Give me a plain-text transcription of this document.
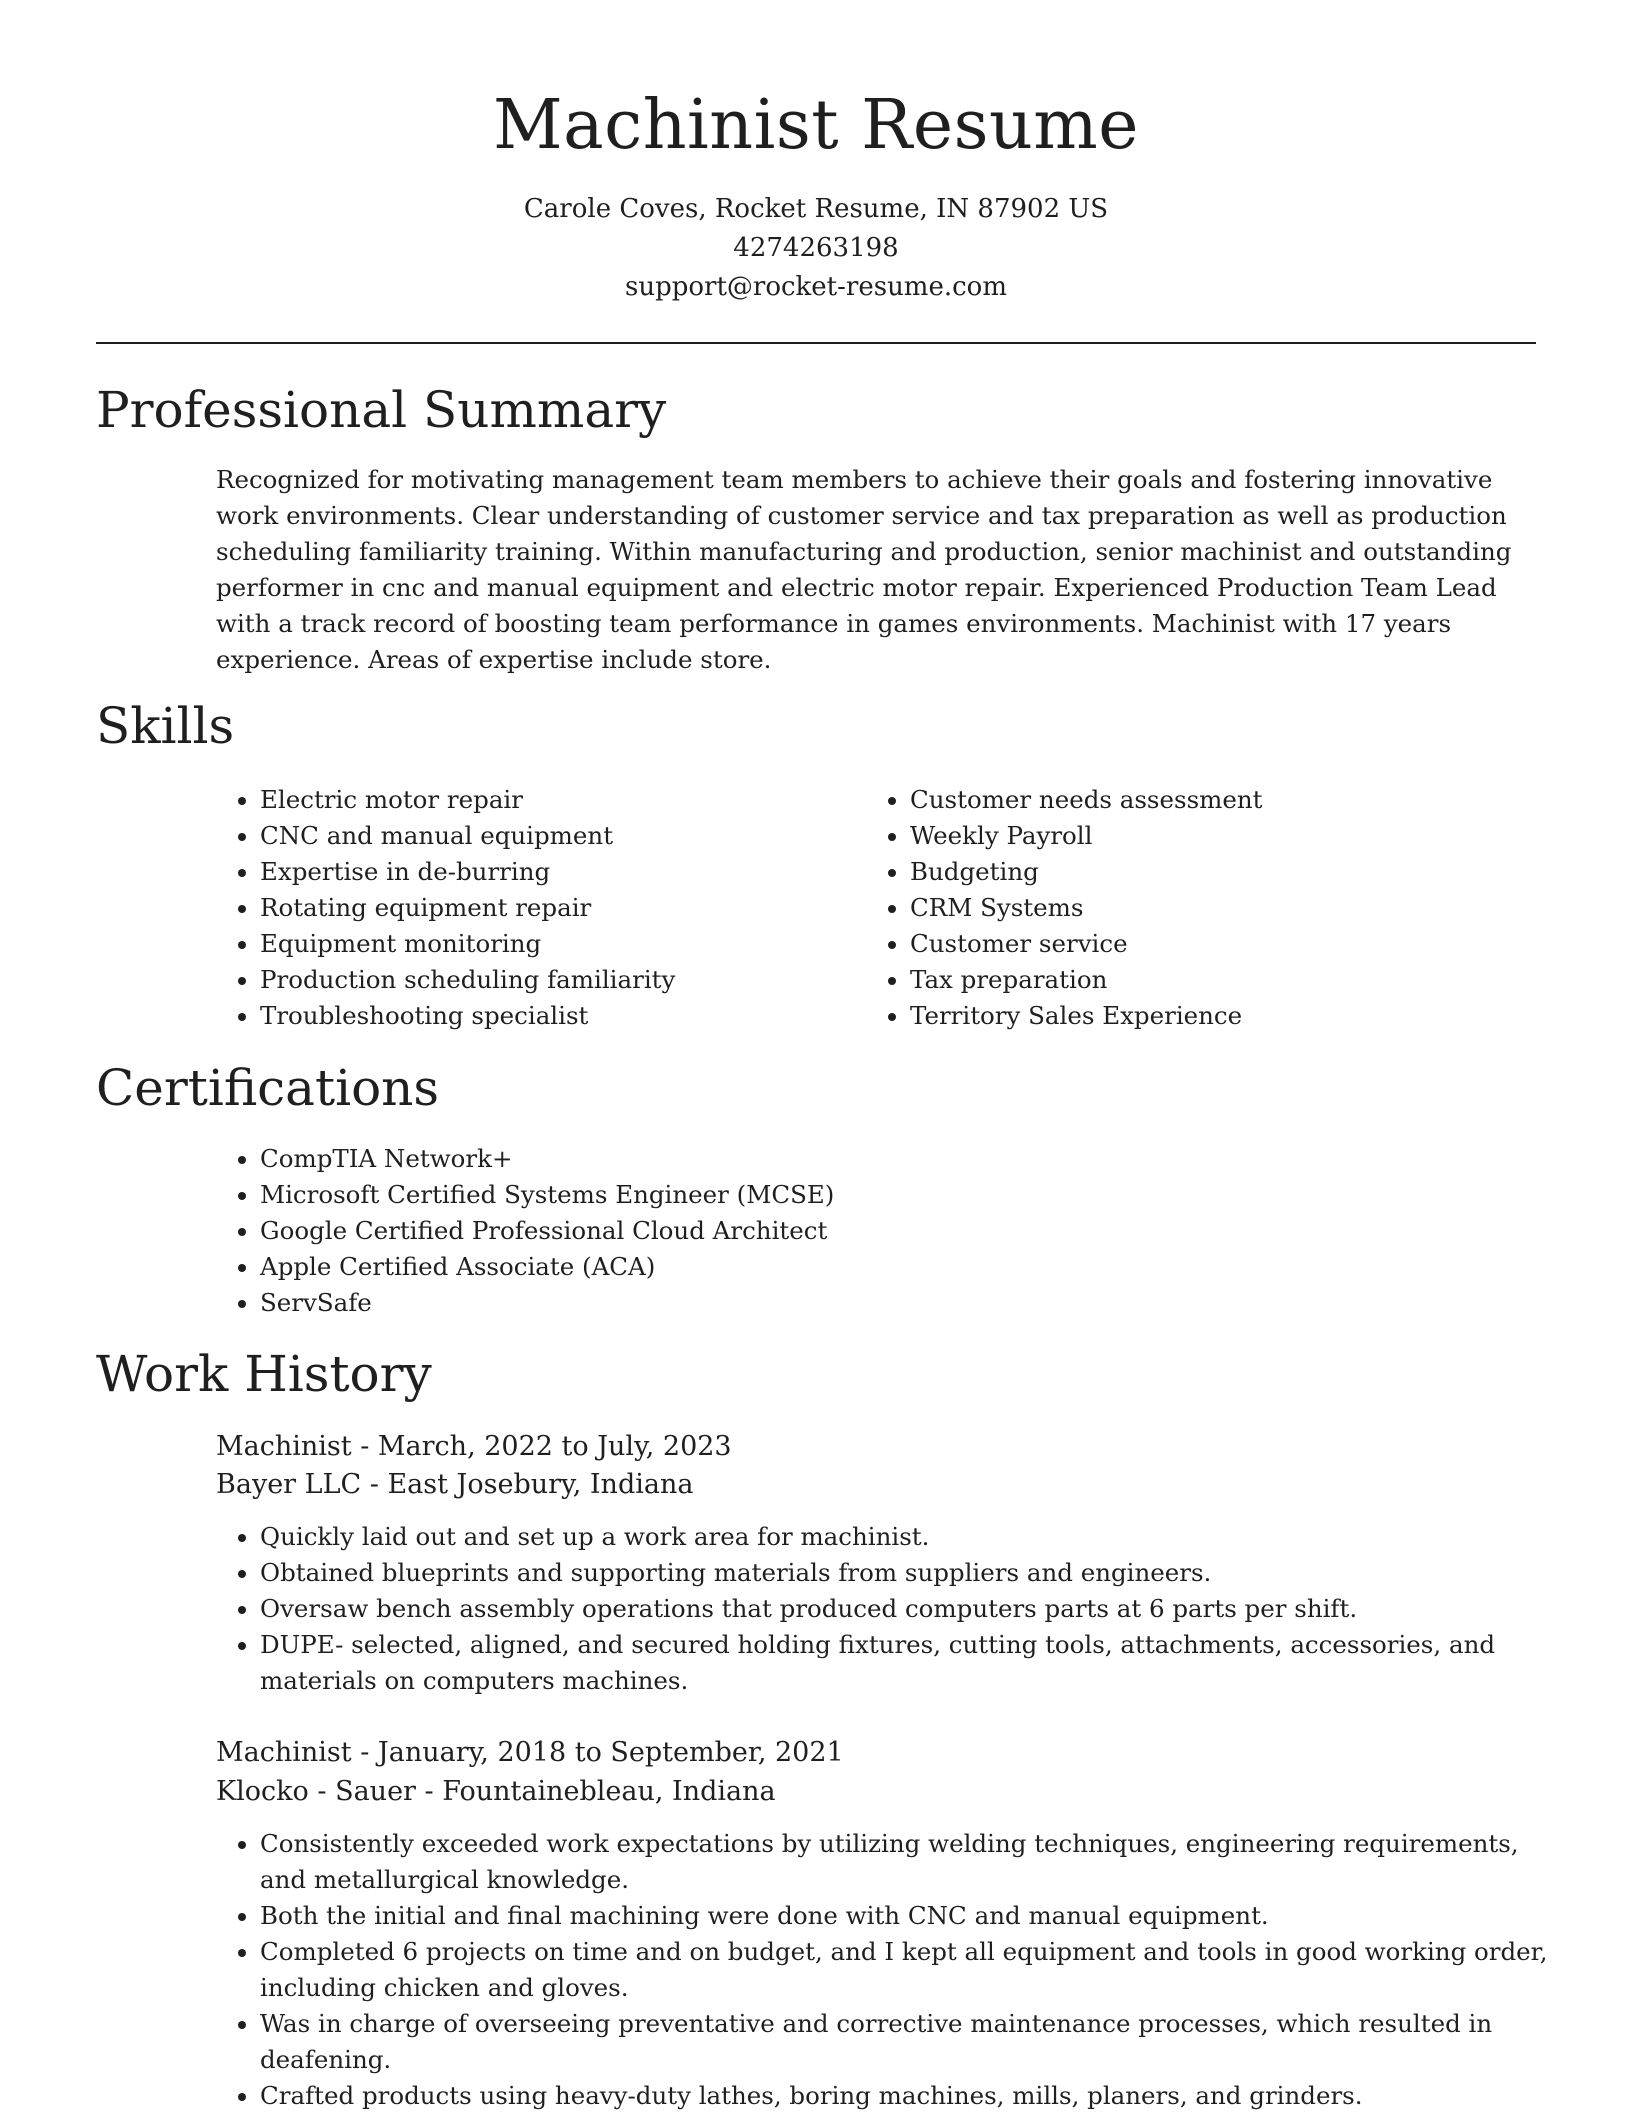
Machinist Resume
Carole Coves, Rocket Resume, IN 87902 US
4274263198
support@rocket-resume.com
Professional Summary

Recognized for motivating management team members to achieve their goals and fostering innovative work environments. Clear understanding of customer service and tax preparation as well as production scheduling familiarity training. Within manufacturing and production, senior machinist and outstanding performer in cnc and manual equipment and electric motor repair. Experienced Production Team Lead with a track record of boosting team performance in games environments. Machinist with 17 years experience. Areas of expertise include store.

Skills
• Electric motor repair
• CNC and manual equipment
• Expertise in de-burring
• Rotating equipment repair
• Equipment monitoring
• Production scheduling familiarity
• Troubleshooting specialist
• Customer needs assessment
• Weekly Payroll
• Budgeting
• CRM Systems
• Customer service
• Tax preparation
• Territory Sales Experience
Certifications
• CompTIA Network+
• Microsoft Certified Systems Engineer (MCSE)
• Google Certified Professional Cloud Architect
• Apple Certified Associate (ACA)
• ServSafe
Work History
Machinist - March, 2022 to July, 2023
Bayer LLC - East Josebury, Indiana
• Quickly laid out and set up a work area for machinist.
• Obtained blueprints and supporting materials from suppliers and engineers.
• Oversaw bench assembly operations that produced computers parts at 6 parts per shift.
• DUPE- selected, aligned, and secured holding fixtures, cutting tools, attachments, accessories, and materials on computers machines.
Machinist - January, 2018 to September, 2021
Klocko - Sauer - Fountainebleau, Indiana
• Consistently exceeded work expectations by utilizing welding techniques, engineering requirements, and metallurgical knowledge.
• Both the initial and final machining were done with CNC and manual equipment.
• Completed 6 projects on time and on budget, and I kept all equipment and tools in good working order, including chicken and gloves.
• Was in charge of overseeing preventative and corrective maintenance processes, which resulted in deafening.
• Crafted products using heavy-duty lathes, boring machines, mills, planers, and grinders.
